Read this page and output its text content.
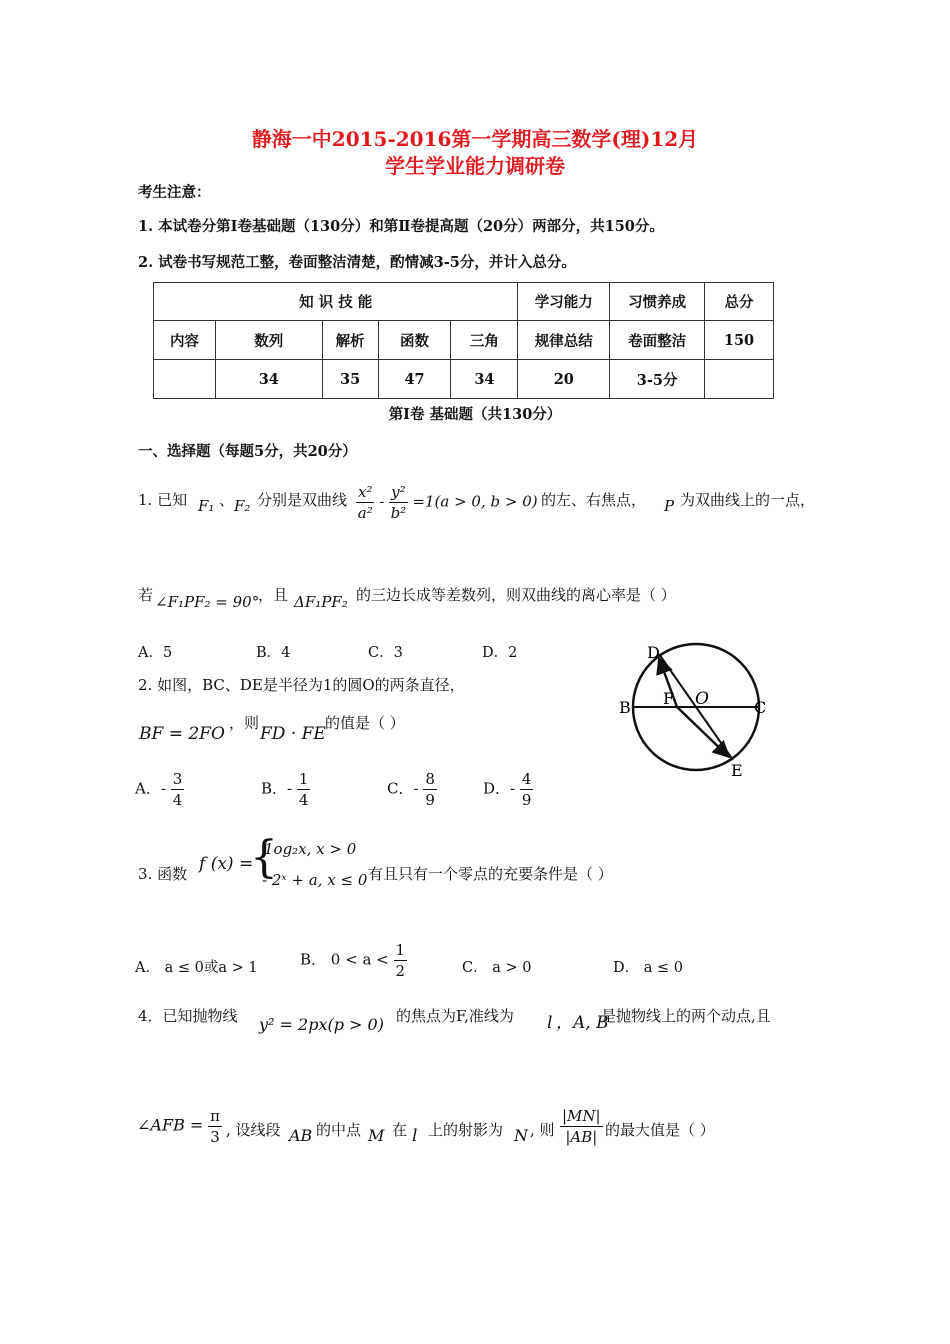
静海一中2015-2016第一学期高三数学(理)12月
学生学业能力调研卷
考生注意：
1. 本试卷分第Ⅰ卷基础题（130分）和第Ⅱ卷提高题（20分）两部分，共150分。
2. 试卷书写规范工整，卷面整洁清楚，酌情减3-5分，并计入总分。
知 识 技 能					学习能力	习惯养成	总分
内容	数列	解析	函数	三角	规律总结	卷面整洁	150
	34	35	47	34	20	3-5分	
第Ⅰ卷 基础题（共130分）
一、选择题（每题5分，共20分）
1. 已知 F₁ 、 F₂ 分别是双曲线 $\frac{\text{x²}}{\text{a²}} - \frac{\text{y²}}{\text{b²}} =1(a > 0$, b > 0) 的左、右焦点， P 为双曲线上的一点，
若 ∠F₁PF₂ = 90°
，且 ΔF₁PF₂ 的三边长成等差数列，则双曲线的离心率是（ ）
A．5	B．4	C．3	D．2
2. 如图，BC、DE是半径为1的圆O的两条直径，
BF = 2FO
，则
FD · FE
的值是（ ）
A．- $\frac{3}{4}$	B．- $\frac{1}{4}$	C．- $\frac{8}{9}$	D．- $\frac{4}{9}$
D
B F O	C
E
3. 函数 f (x) =
{
1og₂x, x > 0
- 2ˣ + a, x ≤ 0 有且只有一个零点的充要条件是（ ）
A． a ≤ 0或a > 1	B． $0 < a < \frac{1}{2}$	C． a > 0	D． a ≤ 0
4．已知抛物线 y² = 2px(p > 0) 的焦点为F,准线为 l ，A, B
是抛物线上的两个动点,且
∠AFB = $\frac{\pi}{3}$ , 设线段 AB 的中点 M 在 l 上的射影为 N , 则 $\frac{|MN|}{|AB|}$ 的最大值是（ ）
